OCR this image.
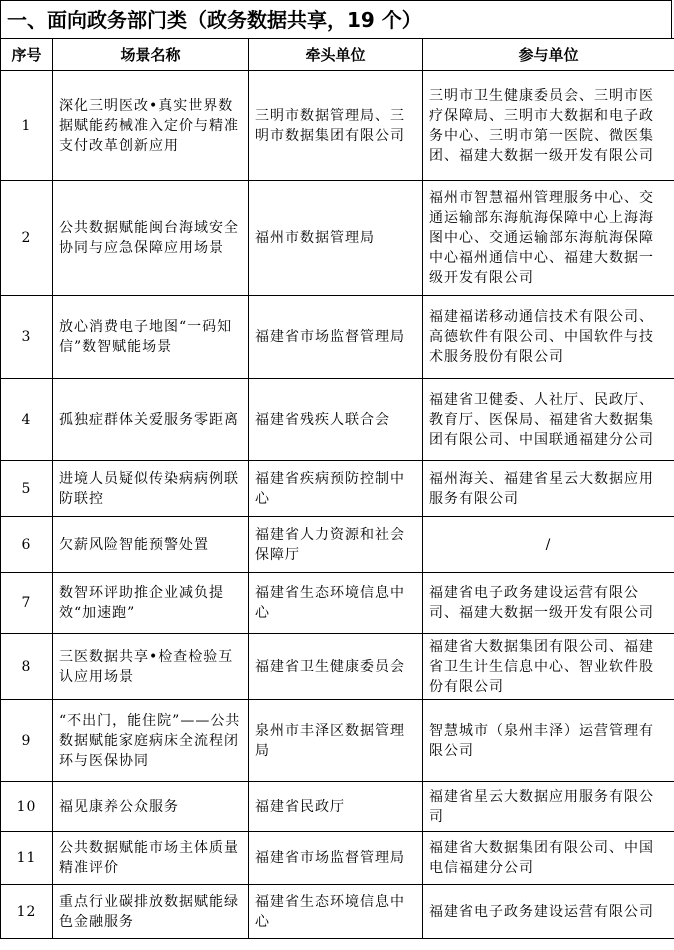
一、面向政务部门类（政务数据共享，19 个）
序号	场景名称	牵头单位	参与单位
1	深化三明医改•真实世界数据赋能药械准入定价与精准支付改革创新应用	三明市数据管理局、三明市数据集团有限公司	三明市卫生健康委员会、三明市医疗保障局、三明市大数据和电子政务中心、三明市第一医院、微医集团、福建大数据一级开发有限公司
2	公共数据赋能闽台海域安全协同与应急保障应用场景	福州市数据管理局	福州市智慧福州管理服务中心、交通运输部东海航海保障中心上海海图中心、交通运输部东海航海保障中心福州通信中心、福建大数据一级开发有限公司
3	放心消费电子地图“一码知信”数智赋能场景	福建省市场监督管理局	福建福诺移动通信技术有限公司、高德软件有限公司、中国软件与技术服务股份有限公司
4	孤独症群体关爱服务零距离	福建省残疾人联合会	福建省卫健委、人社厅、民政厅、教育厅、医保局、福建省大数据集团有限公司、中国联通福建分公司
5	进境人员疑似传染病病例联防联控	福建省疾病预防控制中心	福州海关、福建省星云大数据应用服务有限公司
6	欠薪风险智能预警处置	福建省人力资源和社会保障厅	/
7	数智环评助推企业减负提效“加速跑”	福建省生态环境信息中心	福建省电子政务建设运营有限公司、福建大数据一级开发有限公司
8	三医数据共享•检查检验互认应用场景	福建省卫生健康委员会	福建省大数据集团有限公司、福建省卫生计生信息中心、智业软件股份有限公司
9	“不出门，能住院”——公共数据赋能家庭病床全流程闭环与医保协同	泉州市丰泽区数据管理局	智慧城市（泉州丰泽）运营管理有限公司
10	福见康养公众服务	福建省民政厅	福建省星云大数据应用服务有限公司
11	公共数据赋能市场主体质量精准评价	福建省市场监督管理局	福建省大数据集团有限公司、中国电信福建分公司
12	重点行业碳排放数据赋能绿色金融服务	福建省生态环境信息中心	福建省电子政务建设运营有限公司
